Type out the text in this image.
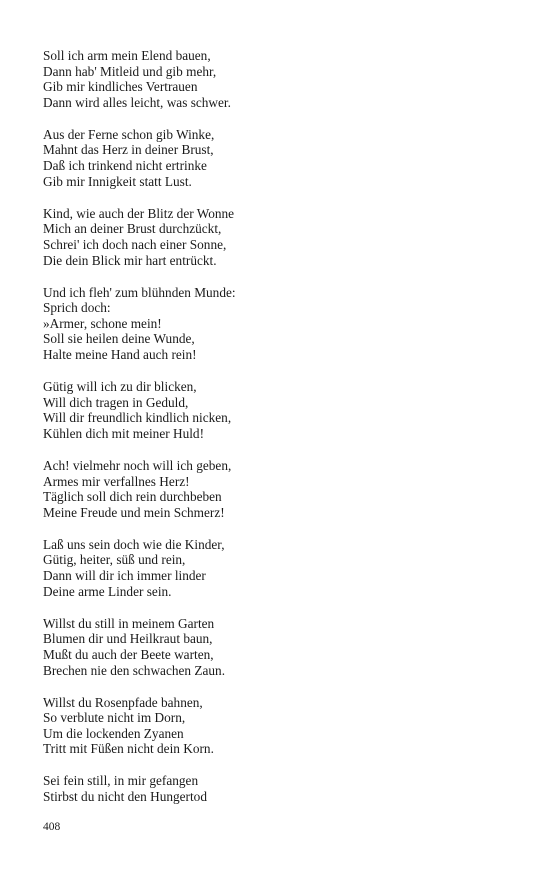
Soll ich arm mein Elend bauen,
Dann hab' Mitleid und gib mehr,
Gib mir kindliches Vertrauen
Dann wird alles leicht, was schwer.
Aus der Ferne schon gib Winke,
Mahnt das Herz in deiner Brust,
Daß ich trinkend nicht ertrinke
Gib mir Innigkeit statt Lust.
Kind, wie auch der Blitz der Wonne
Mich an deiner Brust durchzückt,
Schrei' ich doch nach einer Sonne,
Die dein Blick mir hart entrückt.
Und ich fleh' zum blühnden Munde:
Sprich doch:
»Armer, schone mein!
Soll sie heilen deine Wunde,
Halte meine Hand auch rein!
Gütig will ich zu dir blicken,
Will dich tragen in Geduld,
Will dir freundlich kindlich nicken,
Kühlen dich mit meiner Huld!
Ach! vielmehr noch will ich geben,
Armes mir verfallnes Herz!
Täglich soll dich rein durchbeben
Meine Freude und mein Schmerz!
Laß uns sein doch wie die Kinder,
Gütig, heiter, süß und rein,
Dann will dir ich immer linder
Deine arme Linder sein.
Willst du still in meinem Garten
Blumen dir und Heilkraut baun,
Mußt du auch der Beete warten,
Brechen nie den schwachen Zaun.
Willst du Rosenpfade bahnen,
So verblute nicht im Dorn,
Um die lockenden Zyanen
Tritt mit Füßen nicht dein Korn.
Sei fein still, in mir gefangen
Stirbst du nicht den Hungertod
408
